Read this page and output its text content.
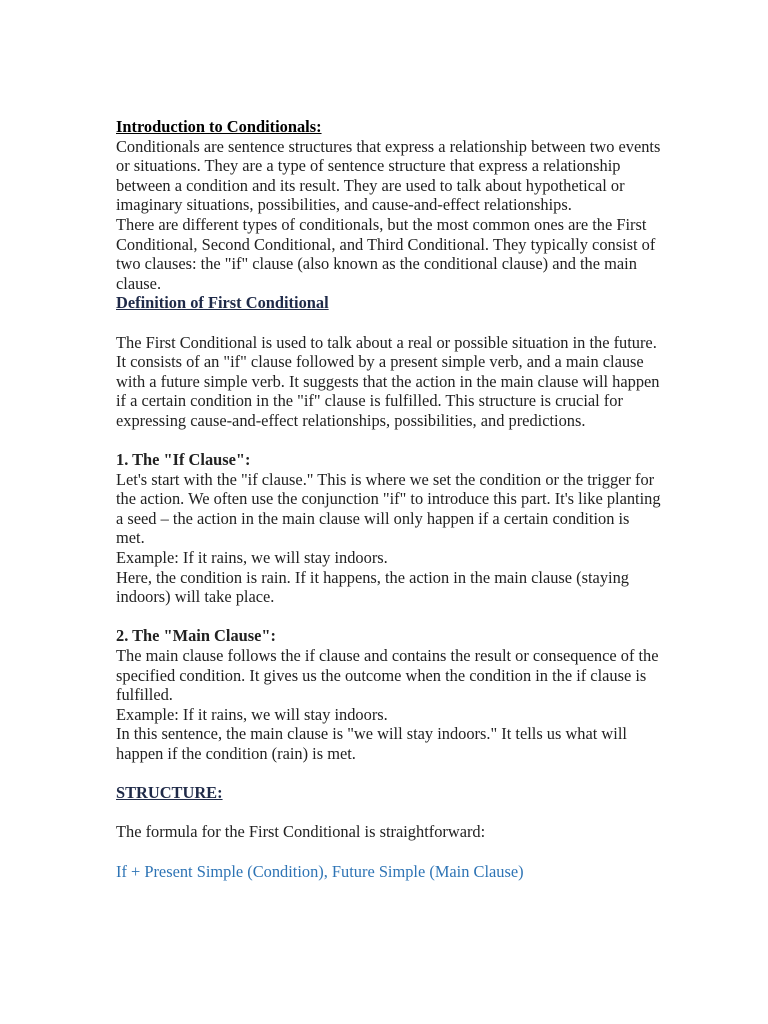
Introduction to Conditionals:

Conditionals are sentence structures that express a relationship between two events or situations. They are a type of sentence structure that express a relationship between a condition and its result. They are used to talk about hypothetical or imaginary situations, possibilities, and cause-and-effect relationships.

There are different types of conditionals, but the most common ones are the First Conditional, Second Conditional, and Third Conditional. They typically consist of two clauses: the "if" clause (also known as the conditional clause) and the main clause.

Definition of First Conditional

The First Conditional is used to talk about a real or possible situation in the future. It consists of an "if" clause followed by a present simple verb, and a main clause with a future simple verb. It suggests that the action in the main clause will happen if a certain condition in the "if" clause is fulfilled. This structure is crucial for expressing cause-and-effect relationships, possibilities, and predictions.

1. The "If Clause":

Let's start with the "if clause." This is where we set the condition or the trigger for the action. We often use the conjunction "if" to introduce this part. It's like planting a seed – the action in the main clause will only happen if a certain condition is met.

Example: If it rains, we will stay indoors.

Here, the condition is rain. If it happens, the action in the main clause (staying indoors) will take place.

2. The "Main Clause":

The main clause follows the if clause and contains the result or consequence of the specified condition. It gives us the outcome when the condition in the if clause is fulfilled.

Example: If it rains, we will stay indoors.

In this sentence, the main clause is "we will stay indoors." It tells us what will happen if the condition (rain) is met.

STRUCTURE:

The formula for the First Conditional is straightforward:

If + Present Simple (Condition), Future Simple (Main Clause)
